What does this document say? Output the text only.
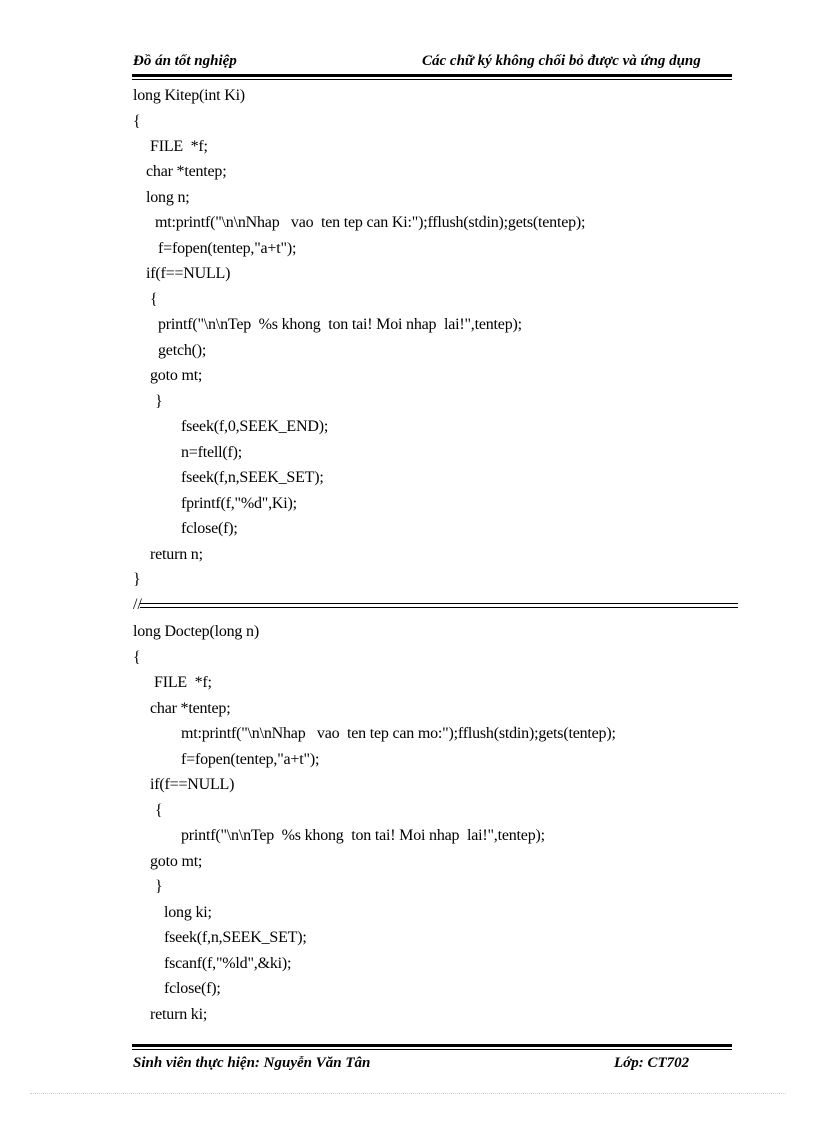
Đồ án tốt nghiệp	Các chữ ký không chối bỏ được và ứng dụng
long Kitep(int Ki)
{
FILE  *f;
char *tentep;
long n;
mt:printf("\n\nNhap   vao  ten tep can Ki:");fflush(stdin);gets(tentep);
f=fopen(tentep,"a+t");
if(f==NULL)
{
printf("\n\nTep  %s khong  ton tai! Moi nhap  lai!",tentep);
getch();
goto mt;
}
fseek(f,0,SEEK_END);
n=ftell(f);
fseek(f,n,SEEK_SET);
fprintf(f,"%d",Ki);
fclose(f);
return n;
}
//
long Doctep(long n)
{
FILE  *f;
char *tentep;
mt:printf("\n\nNhap   vao  ten tep can mo:");fflush(stdin);gets(tentep);
f=fopen(tentep,"a+t");
if(f==NULL)
{
printf("\n\nTep  %s khong  ton tai! Moi nhap  lai!",tentep);
goto mt;
}
long ki;
fseek(f,n,SEEK_SET);
fscanf(f,"%ld",&ki);
fclose(f);
return ki;
Sinh viên thực hiện: Nguyễn Văn Tân	Lớp: CT702
